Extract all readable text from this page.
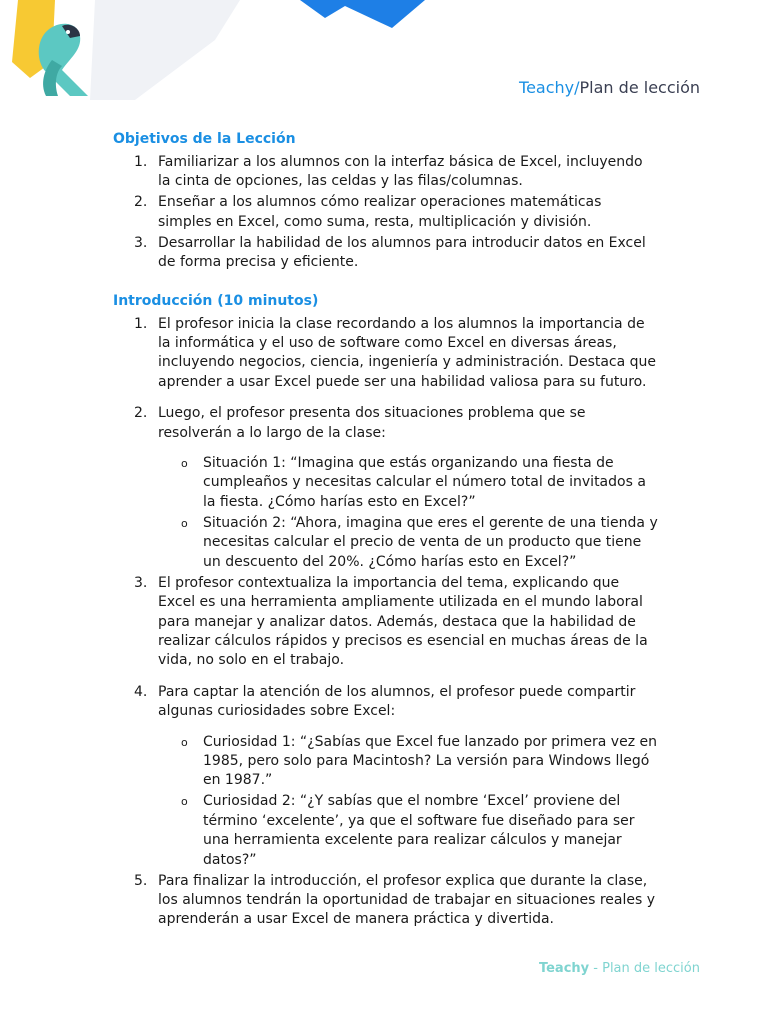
Teachy/Plan de lección
Objetivos de la Lección
1. Familiarizar a los alumnos con la interfaz básica de Excel, incluyendo la cinta de opciones, las celdas y las filas/columnas.
2. Enseñar a los alumnos cómo realizar operaciones matemáticas simples en Excel, como suma, resta, multiplicación y división.
3. Desarrollar la habilidad de los alumnos para introducir datos en Excel de forma precisa y eficiente.
Introducción (10 minutos)
1. El profesor inicia la clase recordando a los alumnos la importancia de la informática y el uso de software como Excel en diversas áreas, incluyendo negocios, ciencia, ingeniería y administración. Destaca que aprender a usar Excel puede ser una habilidad valiosa para su futuro.
2. Luego, el profesor presenta dos situaciones problema que se resolverán a lo largo de la clase:
o Situación 1: “Imagina que estás organizando una fiesta de cumpleaños y necesitas calcular el número total de invitados a la fiesta. ¿Cómo harías esto en Excel?”
o Situación 2: “Ahora, imagina que eres el gerente de una tienda y necesitas calcular el precio de venta de un producto que tiene un descuento del 20%. ¿Cómo harías esto en Excel?”
3. El profesor contextualiza la importancia del tema, explicando que Excel es una herramienta ampliamente utilizada en el mundo laboral para manejar y analizar datos. Además, destaca que la habilidad de realizar cálculos rápidos y precisos es esencial en muchas áreas de la vida, no solo en el trabajo.
4. Para captar la atención de los alumnos, el profesor puede compartir algunas curiosidades sobre Excel:
o Curiosidad 1: “¿Sabías que Excel fue lanzado por primera vez en 1985, pero solo para Macintosh? La versión para Windows llegó en 1987.”
o Curiosidad 2: “¿Y sabías que el nombre ‘Excel’ proviene del término ‘excelente’, ya que el software fue diseñado para ser una herramienta excelente para realizar cálculos y manejar datos?”
5. Para finalizar la introducción, el profesor explica que durante la clase, los alumnos tendrán la oportunidad de trabajar en situaciones reales y aprenderán a usar Excel de manera práctica y divertida.
Teachy - Plan de lección
